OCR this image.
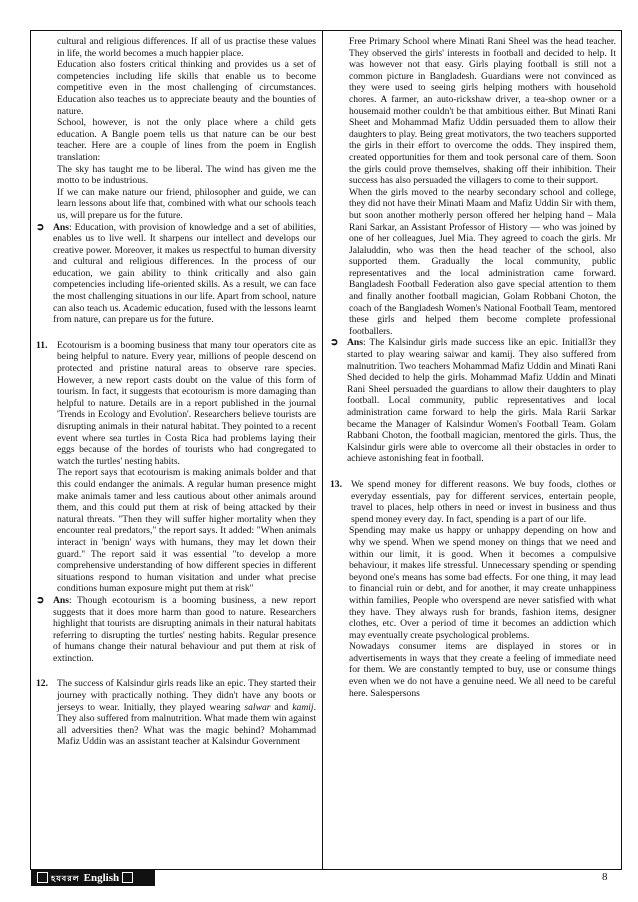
cultural and religious differences. If all of us practise these values in life, the world becomes a much happier place.

Education also fosters critical thinking and provides us a set of competencies including life skills that enable us to become competitive even in the most challenging of circumstances. Education also teaches us to appreciate beauty and the bounties of nature.

School, however, is not the only place where a child gets education. A Bangle poem tells us that nature can be our best teacher. Here are a couple of lines from the poem in English translation:

The sky has taught me to be liberal. The wind has given me the motto to be industrious.

If we can make nature our friend, philosopher and guide, we can learn lessons about life that, combined with what our schools teach us, will prepare us for the future.

➲ Ans: Education, with provision of knowledge and a set of abilities, enables us to live well. It sharpens our intellect and develops our creative power. Moreover, it makes us respectful to human diversity and cultural and religious differences. In the process of our education, we gain ability to think critically and also gain competencies including life-oriented skills. As a result, we can face the most challenging situations in our life. Apart from school, nature can also teach us. Academic education, fused with the lessons learnt from nature, can prepare us for the future.

11. Ecotourism is a booming business that many tour operators cite as being helpful to nature. Every year, millions of people descend on protected and pristine natural areas to observe rare species. However, a new report casts doubt on the value of this form of tourism. In fact, it suggests that ecotourism is more damaging than helpful to nature. Details are in a report published in the journal 'Trends in Ecology and Evolution'. Researchers believe tourists are disrupting animals in their natural habitat. They pointed to a recent event where sea turtles in Costa Rica had problems laying their eggs because of the hordes of tourists who had congregated to watch the turtles' nesting habits.

The report says that ecotourism is making animals bolder and that this could endanger the animals. A regular human presence might make animals tamer and less cautious about other animals around them, and this could put them at risk of being attacked by their natural threats. "Then they will suffer higher mortality when they encounter real predators," the report says. It added: "When animals interact in 'benign' ways with humans, they may let down their guard." The report said it was essential "to develop a more comprehensive understanding of how different species in different situations respond to human visitation and under what precise conditions human exposure might put them at risk"

➲ Ans: Though ecotourism is a booming business, a new report suggests that it does more harm than good to nature. Researchers highlight that tourists are disrupting animals in their natural habitats referring to disrupting the turtles' nesting habits. Regular presence of humans change their natural behaviour and put them at risk of extinction.

12. The success of Kalsindur girls reads like an epic. They started their journey with practically nothing. They didn't have any boots or jerseys to wear. Initially, they played wearing salwar and kamij. They also suffered from malnutrition. What made them win against all adversities then? What was the magic behind? Mohammad Mafiz Uddin was an assistant teacher at Kalsindur Government

Free Primary School where Minati Rani Sheel was the head teacher. They observed the girls' interests in football and decided to help. It was however not that easy. Girls playing football is still not a common picture in Bangladesh. Guardians were not convinced as they were used to seeing girls helping mothers with household chores. A farmer, an auto-rickshaw driver, a tea-shop owner or a housemaid mother couldn't be that ambitious either. But Minati Rani Sheet and Mohammad Mafiz Uddin persuaded them to allow their daughters to play. Being great motivators, the two teachers supported the girls in their effort to overcome the odds. They inspired them, created opportunities for them and took personal care of them. Soon the girls could prove themselves, shaking off their inhibition. Their success has also persuaded the villagers to come to their support.

When the girls moved to the nearby secondary school and college, they did not have their Minati Maam and Mafiz Uddin Sir with them, but soon another motherly person offered her helping hand – Mala Rani Sarkar, an Assistant Professor of History — who was joined by one of her colleagues, Juel Mia. They agreed to coach the girls. Mr Jalaluddin, who was then the head teacher of the school, also supported them. Gradually the local community, public representatives and the local administration came forward. Bangladesh Football Federation also gave special attention to them and finally another football magician, Golam Robbani Choton, the coach of the Bangladesh Women's National Football Team, mentored these girls and helped them become complete professional footballers.

➲ Ans: The Kalsindur girls made success like an epic. Initiall3r they started to play wearing saiwar and kamij. They also suffered from malnutrition. Two teachers Mohammad Mafiz Uddin and Minati Rani Shed decided to help the girls. Mohammad Mafiz Uddin and Minati Rani Sheel persuaded the guardians to allow their daughters to play football. Local community, public representatives and local administration came forward to help the girls. Mala Rarii Sarkar became the Manager of Kalsindur Women's Football Team. Golam Rabbani Choton, the football magician, mentored the girls. Thus, the Kalsindur girls were able to overcome all their obstacles in order to achieve astonishing feat in football.

13. We spend money for different reasons. We buy foods, clothes or everyday essentials, pay for different services, entertain people, travel to places, help others in need or invest in business and thus spend money every day. In fact, spending is a part of our life.

Spending may make us happy or unhappy depending on how and why we spend. When we spend money on things that we need and within our limit, it is good. When it becomes a compulsive behaviour, it makes life stressful. Unnecessary spending or spending beyond one's means has some bad effects. For one thing, it may lead to financial ruin or debt, and for another, it may create unhappiness within families, People who overspend are never satisfied with what they have. They always rush for brands, fashion items, designer clothes, etc. Over a period of time it becomes an addiction which may eventually create psychological problems.

Nowadays consumer items are displayed in stores or in advertisements in ways that they create a feeling of immediate need for them. We are constantly tempted to buy, use or consume things even when we do not have a genuine need. We all need to be careful here. Salespersons

হযবরল English	8
